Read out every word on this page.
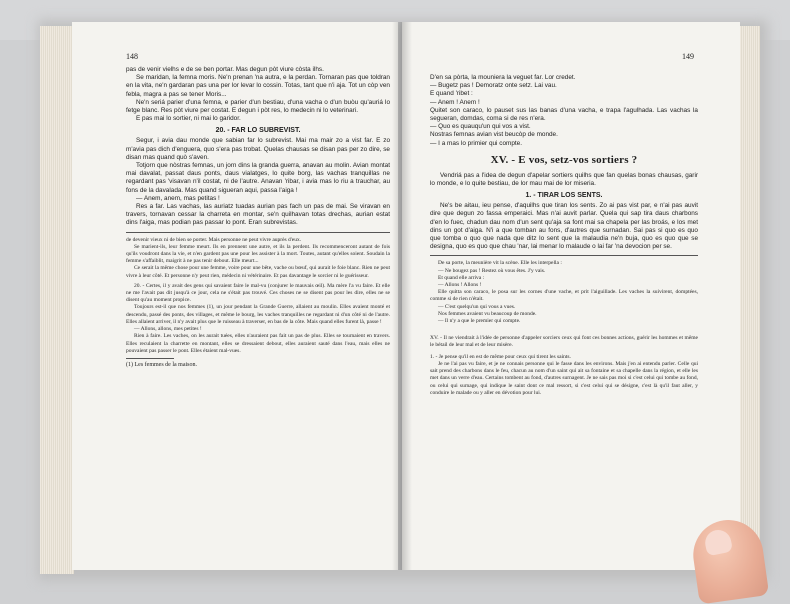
148

pas de venir vielhs e de se ben portar. Mas degun pòt viure còsta ilhs.

Se maridan, la femna moris. Ne'n prenan 'na autra, e la perdan. Tornaran pas que toldran en la vita, ne'n gardaran pas una per lor levar lo cossin. Totas, tant que n'i aja. Tot un còp ven febla, magra a pas se tener Moris...

Ne'n seriá parier d'una femna, e parier d'un bestiau, d'una vacha o d'un buòu qu'auriá lo fetge blanc. Res pòt viure per costat. E degun i pòt res, lo medecin ni lo veterinari.

E pas mai lo sortier, ni mai lo garidor.

20. - FAR LO SUBREVIST.

Segur, i avia dau monde que sabian far lo subrevist. Mai ma mair zo a vist far. E zo m'avia pas dich d'enguera, quo s'era pas trobat. Quelas chausas se disan pas per zo dire, se disan mas quand quò s'aven.

Totjorn que nòstras femnas, un jorn dins la granda guerra, anavan au molin. Avian montat mai davalat, passat daus ponts, daus vialatges, lo quite borg, las vachas tranquillas ne regardant pas 'visavan n'il costat, ni de l'autre. Anavan 'ribar, i avia mas lo riu a trauchar, au fons de la davalada. Mas quand sigueran aqui, passa l'aiga !

— Anem, anem, mas petitas !

Res a far. Las vachas, las auriatz tuadas aurian pas fach un pas de mai. Se viravan en travers, tornavan cessar la charreta en montar, se'n quilhavan totas drechas, aurian estat dins l'aiga, mas podian pas passar lo pont. Eran subrevistas.

de devenir vieux ni de bien se porter. Mais personne ne peut vivre auprès d'eux.

Se marient-ils, leur femme meurt. Ils en prennent une autre, et ils la perdent. Ils recommenceront autant de fois qu'ils voudront dans la vie, et n'en gardent pas une pour les assister à la mort. Toutes, autant qu'elles soient. Soudain la femme s'affaiblit, maigrit à ne pas tenir debout. Elle meurt...

Ce serait la même chose pour une femme, voire pour une bête, vache ou bœuf, qui aurait le foie blanc. Rien ne peut vivre à leur côté. Et personne n'y peut rien, médecin ni vétérinaire. Et pas davantage le sorcier ni le guérisseur.

20. - Certes, il y avait des gens qui savaient faire le mal-vu (conjurer le mauvais œil). Ma mère l'a vu faire. Et elle ne me l'avait pas dit jusqu'à ce jour, cela ne s'était pas trouvé. Ces choses ne se disent pas pour les dire, elles ne se disent qu'au moment propice.

Toujours est-il que nos femmes (1), un jour pendant la Grande Guerre, allaient au moulin. Elles avaient monté et descendu, passé des ponts, des villages, et même le bourg, les vaches tranquilles ne regardant ni d'un côté ni de l'autre. Elles allaient arriver, il n'y avait plus que le ruisseau à traverser, en bas de la côte. Mais quand elles furent là, passe !

— Allons, allons, mes petites !

Rien à faire. Les vaches, on les aurait tuées, elles n'auraient pas fait un pas de plus. Elles se tournaient en travers. Elles reculaient la charrette en montant, elles se dressaient debout, elles auraient sauté dans l'eau, mais elles ne pouvaient pas passer le pont. Elles étaient mal-vues.

(1) Les femmes de la maison.

149

D'en sa pòrta, la mouniera la veguet far. Lor credet.

— Bugetz pas ! Demoratz onte setz. Lai vau.

E quand 'ribet :

— Anem ! Anem !

Quitet son caraco, lo pauset sus las banas d'una vacha, e trapa l'agulhada. Las vachas la segueran, domdas, coma si de res n'era.

— Quo es quauqu'un qui vos a vist.

Nostras femnas avian vist beucòp de monde.

— I a mas lo primier qui compte.

XV. - E vos, setz-vos sortiers ?

Vendriá pas a l'idea de degun d'apelar sortiers quilhs que fan quelas bonas chausas, garir lo monde, e lo quite bestiau, de lor mau mai de lor miseria.

1. - TIRAR LOS SENTS.

Ne's be aitau, ieu pense, d'aquilhs que tiran los sents. Zo ai pas vist par, e n'ai pas auvit dire que degun zo fassa emperaici. Mas n'ai auvit parlar. Quela qui sap tira daus charbons d'en lo fuec, chadun dau nom d'un sent qu'aja sa font mai sa chapela per las broás, e los met dins un got d'aiga. N'i a que tomban au fons, d'autres que surnadan. Sai pas si quo es quo que tomba o quo que nada que ditz lo sent que la malaudia ne'n buja, quo es quo que se designa, quo es quo que chau 'nar, lai menar lo malaude o lai far 'na devocion per se.

De sa porte, la meunière vit la scène. Elle les interpella :

— Ne bougez pas ! Restez où vous êtes. J'y vais.

Et quand elle arriva :

— Allons ! Allons !

Elle quitta son caraco, le posa sur les cornes d'une vache, et prit l'aiguillade. Les vaches la suivirent, domptées, comme si de rien n'était.

— C'est quelqu'un qui vous a vues.

Nos femmes avaient vu beaucoup de monde.

— Il n'y a que le premier qui compte.

XV. - Il ne viendrait à l'idée de personne d'appeler sorciers ceux qui font ces bonnes actions, guérir les hommes et même le bétail de leur mal et de leur misère.

1. - Je pense qu'il en est de même pour ceux qui tirent les saints.

Je ne l'ai pas vu faire, et je ne connais personne qui le fasse dans les environs. Mais j'en ai entendu parler. Celle qui sait prend des charbons dans le feu, chacun au nom d'un saint qui ait sa fontaine et sa chapelle dans la région, et elle les met dans un verre d'eau. Certains tombent au fond, d'autres surnagent. Je ne sais pas moi si c'est celui qui tombe au fond, ou celui qui surnage, qui indique le saint dont ce mal ressort, si c'est celui qui se désigne, c'est là qu'il faut aller, y conduire le malade ou y aller en dévotion pour lui.
